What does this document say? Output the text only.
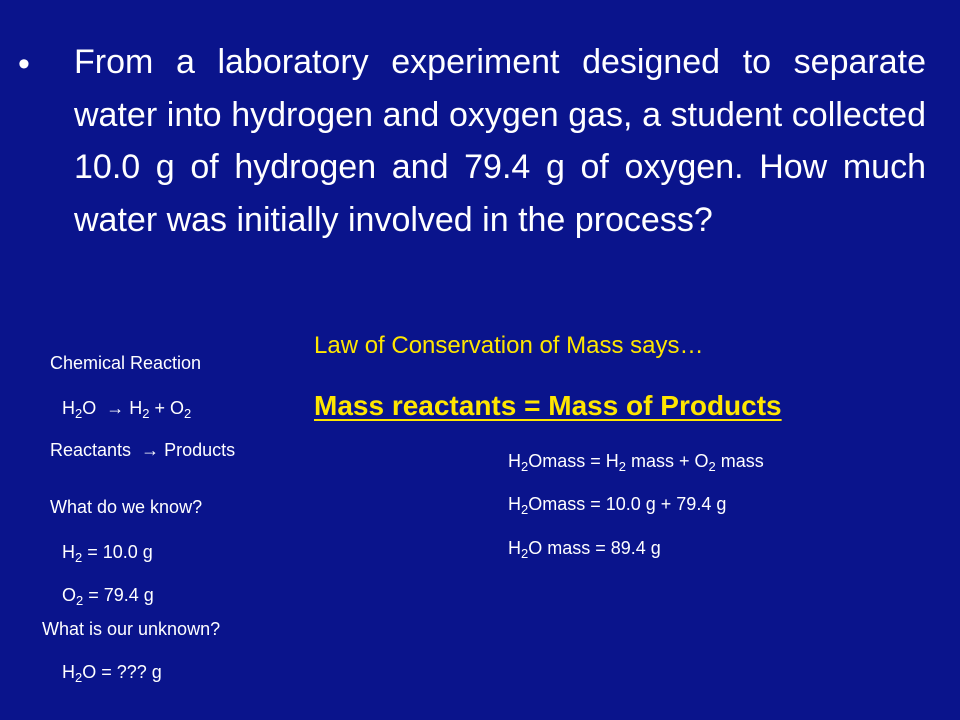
• From a laboratory experiment designed to separate water into hydrogen and oxygen gas, a student collected 10.0 g of hydrogen and 79.4 g of oxygen. How much water was initially involved in the process?
Chemical Reaction
$H_2O \to H_2 + O_2$
Reactants → Products
What do we know?
$H_2 = 10.0$ g
$O_2 = 79.4$ g
What is our unknown?
$H_2O$ = ??? g
Law of Conservation of Mass says…
Mass reactants = Mass of Products
$H_2Omass = H_2$ mass + $O_2$ mass
$H_2Omass = 10.0$ g + 79.4 g
$H_2O$ mass = 89.4 g
